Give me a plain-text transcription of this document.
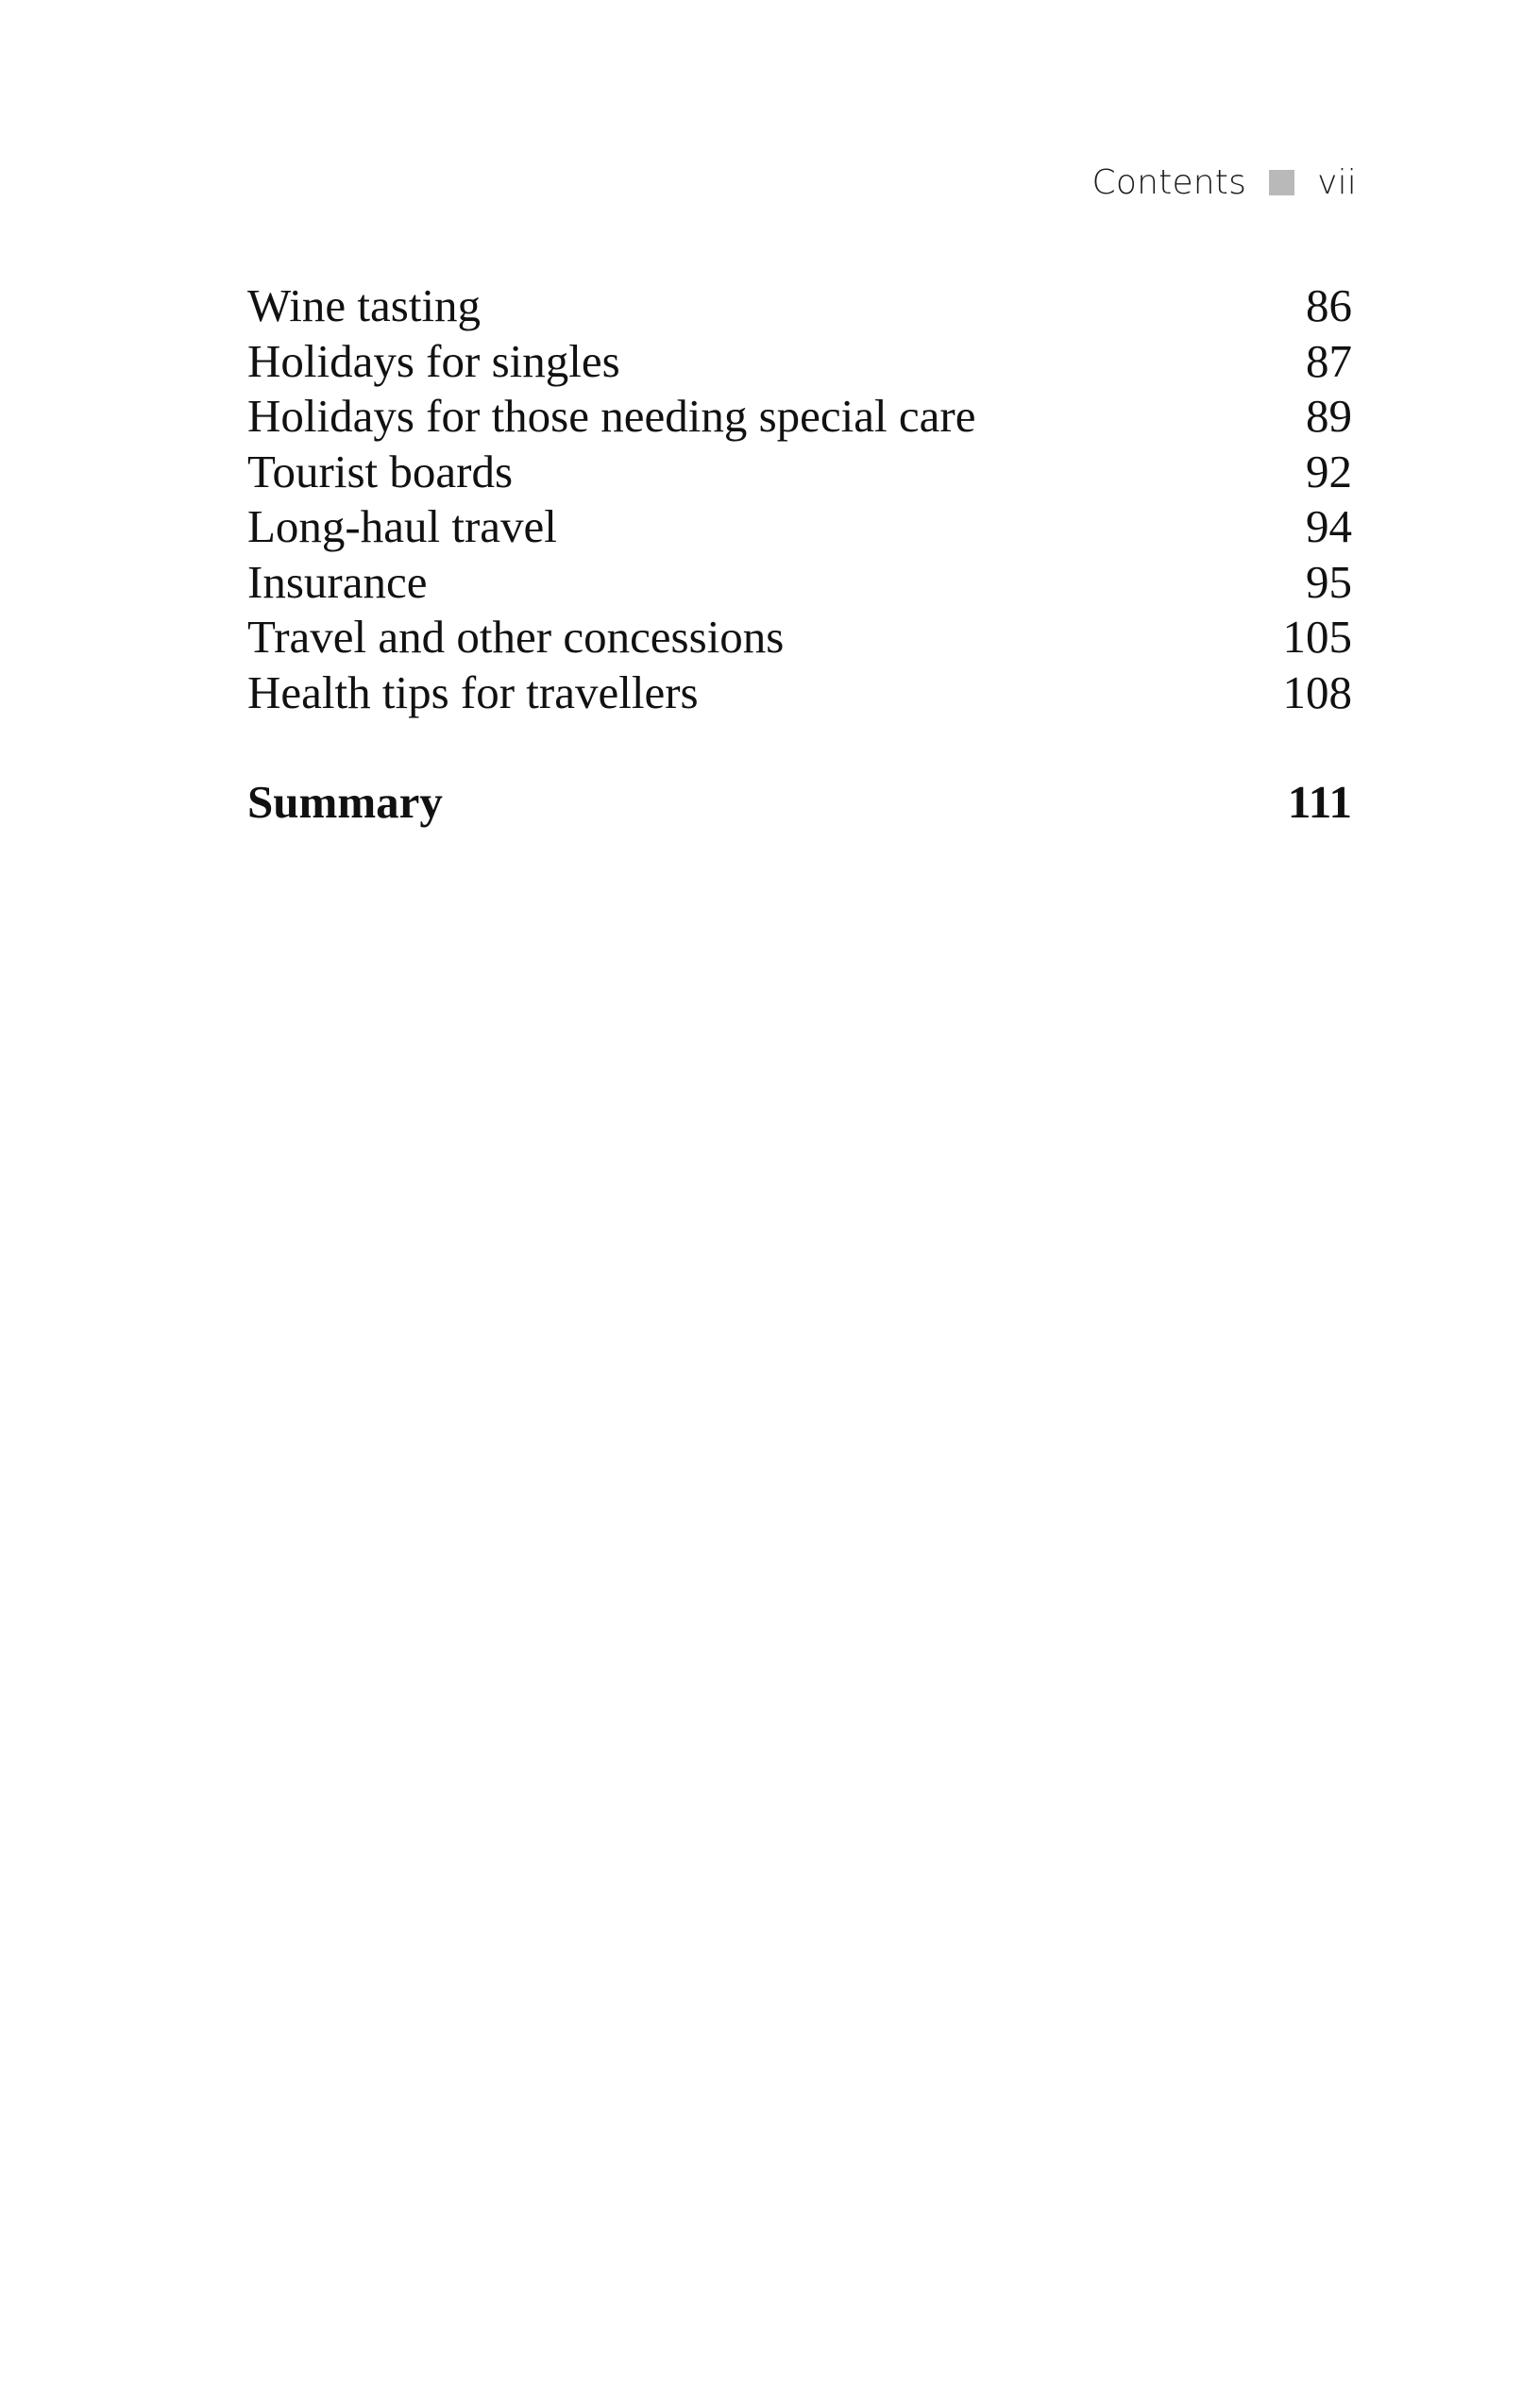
Contents vii
Wine tasting	86
Holidays for singles	87
Holidays for those needing special care	89
Tourist boards	92
Long-haul travel	94
Insurance	95
Travel and other concessions	105
Health tips for travellers	108
Summary	111
